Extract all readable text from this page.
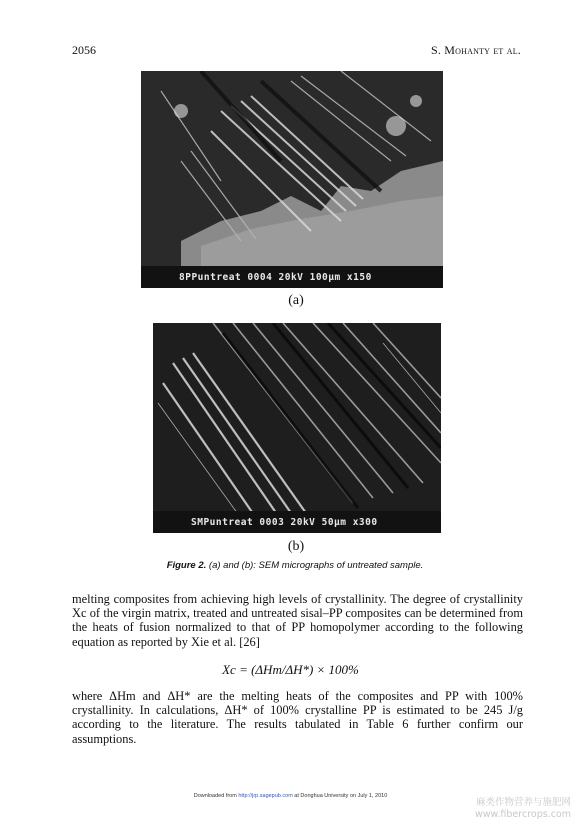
2056	S. Mohanty et al.
8PPuntreat 0004 20kV 100µm x150
(a)
SMPuntreat 0003 20kV 50µm x300
(b)
Figure 2. (a) and (b): SEM micrographs of untreated sample.
melting composites from achieving high levels of crystallinity. The degree of crystallinity Xc of the virgin matrix, treated and untreated sisal–PP composites can be determined from the heats of fusion normalized to that of PP homopolymer according to the following equation as reported by Xie et al. [26]
Xc = (ΔHm/ΔH*) × 100%
where ΔHm and ΔH* are the melting heats of the composites and PP with 100% crystallinity. In calculations, ΔH* of 100% crystalline PP is estimated to be 245 J/g according to the literature. The results tabulated in Table 6 further confirm our assumptions.
Downloaded from http://jrp.sagepub.com at Donghua University on July 1, 2010
麻类作物营养与施肥网
www.fibercrops.com
